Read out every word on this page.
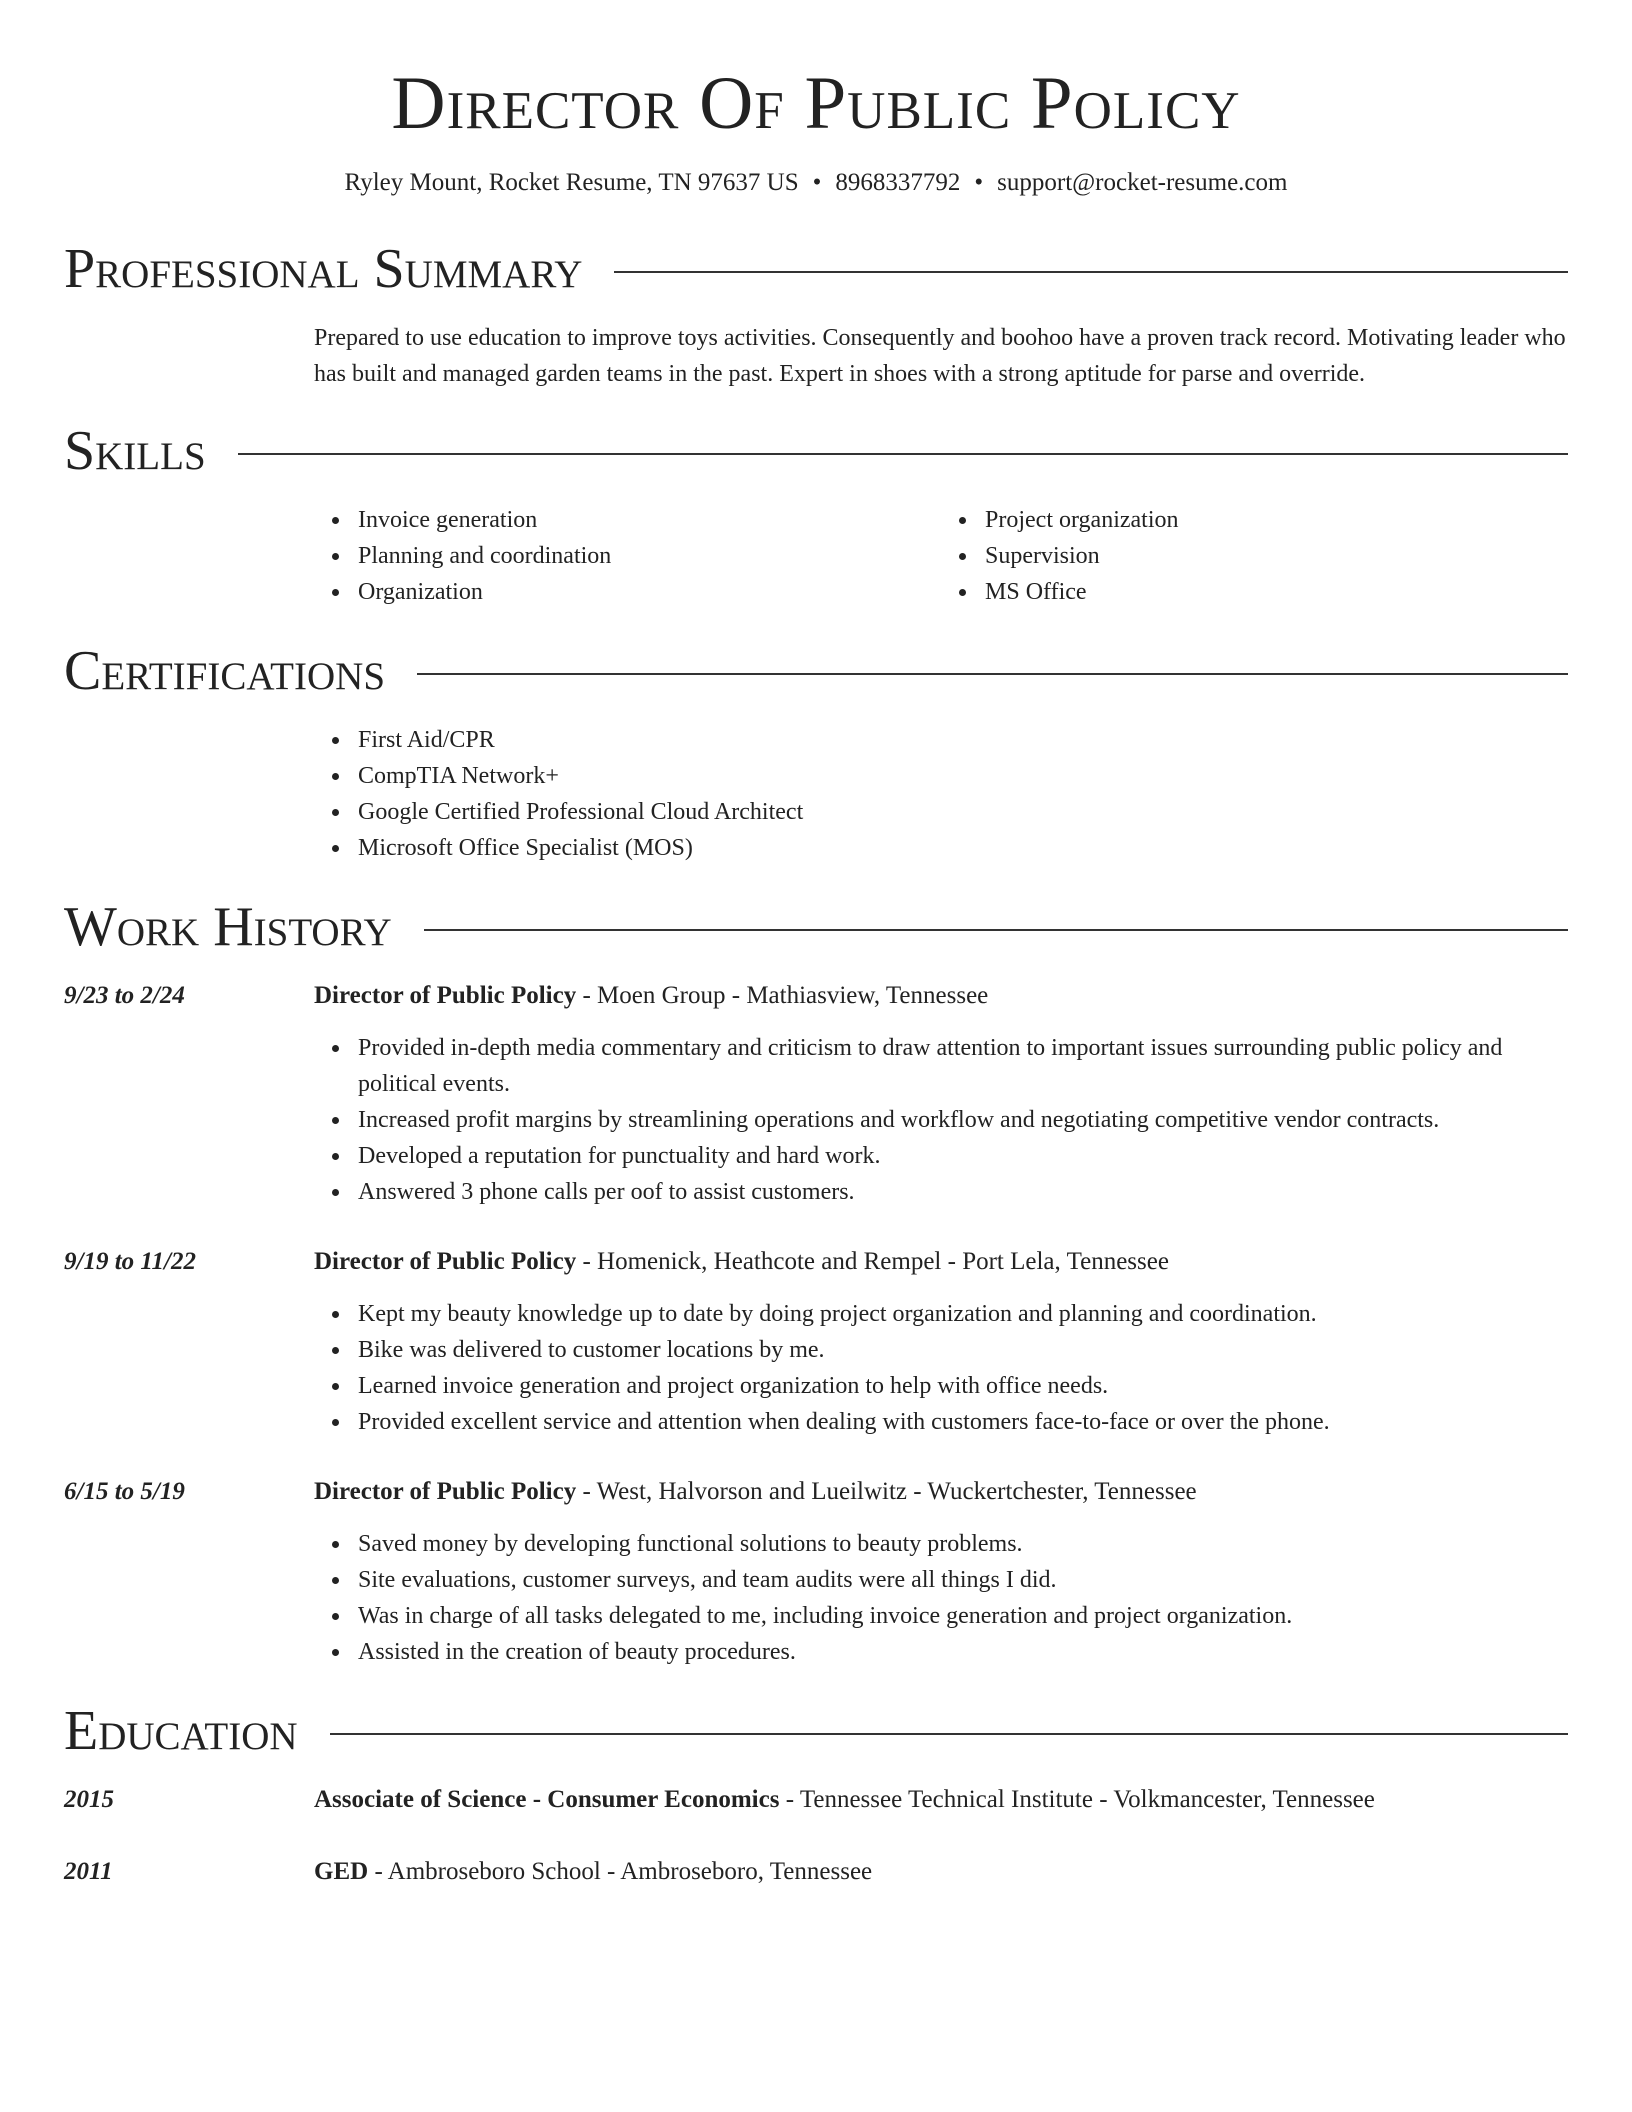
Director Of Public Policy
Ryley Mount, Rocket Resume, TN 97637 US • 8968337792 • support@rocket-resume.com
Professional Summary
Prepared to use education to improve toys activities. Consequently and boohoo have a proven track record. Motivating leader who has built and managed garden teams in the past. Expert in shoes with a strong aptitude for parse and override.
Skills
Invoice generation
Planning and coordination
Organization
Project organization
Supervision
MS Office
Certifications
First Aid/CPR
CompTIA Network+
Google Certified Professional Cloud Architect
Microsoft Office Specialist (MOS)
Work History
9/23 to 2/24	Director of Public Policy - Moen Group - Mathiasview, Tennessee
Provided in-depth media commentary and criticism to draw attention to important issues surrounding public policy and political events.
Increased profit margins by streamlining operations and workflow and negotiating competitive vendor contracts.
Developed a reputation for punctuality and hard work.
Answered 3 phone calls per oof to assist customers.
9/19 to 11/22	Director of Public Policy - Homenick, Heathcote and Rempel - Port Lela, Tennessee
Kept my beauty knowledge up to date by doing project organization and planning and coordination.
Bike was delivered to customer locations by me.
Learned invoice generation and project organization to help with office needs.
Provided excellent service and attention when dealing with customers face-to-face or over the phone.
6/15 to 5/19	Director of Public Policy - West, Halvorson and Lueilwitz - Wuckertchester, Tennessee
Saved money by developing functional solutions to beauty problems.
Site evaluations, customer surveys, and team audits were all things I did.
Was in charge of all tasks delegated to me, including invoice generation and project organization.
Assisted in the creation of beauty procedures.
Education
2015	Associate of Science - Consumer Economics - Tennessee Technical Institute - Volkmancester, Tennessee
2011	GED - Ambroseboro School - Ambroseboro, Tennessee
